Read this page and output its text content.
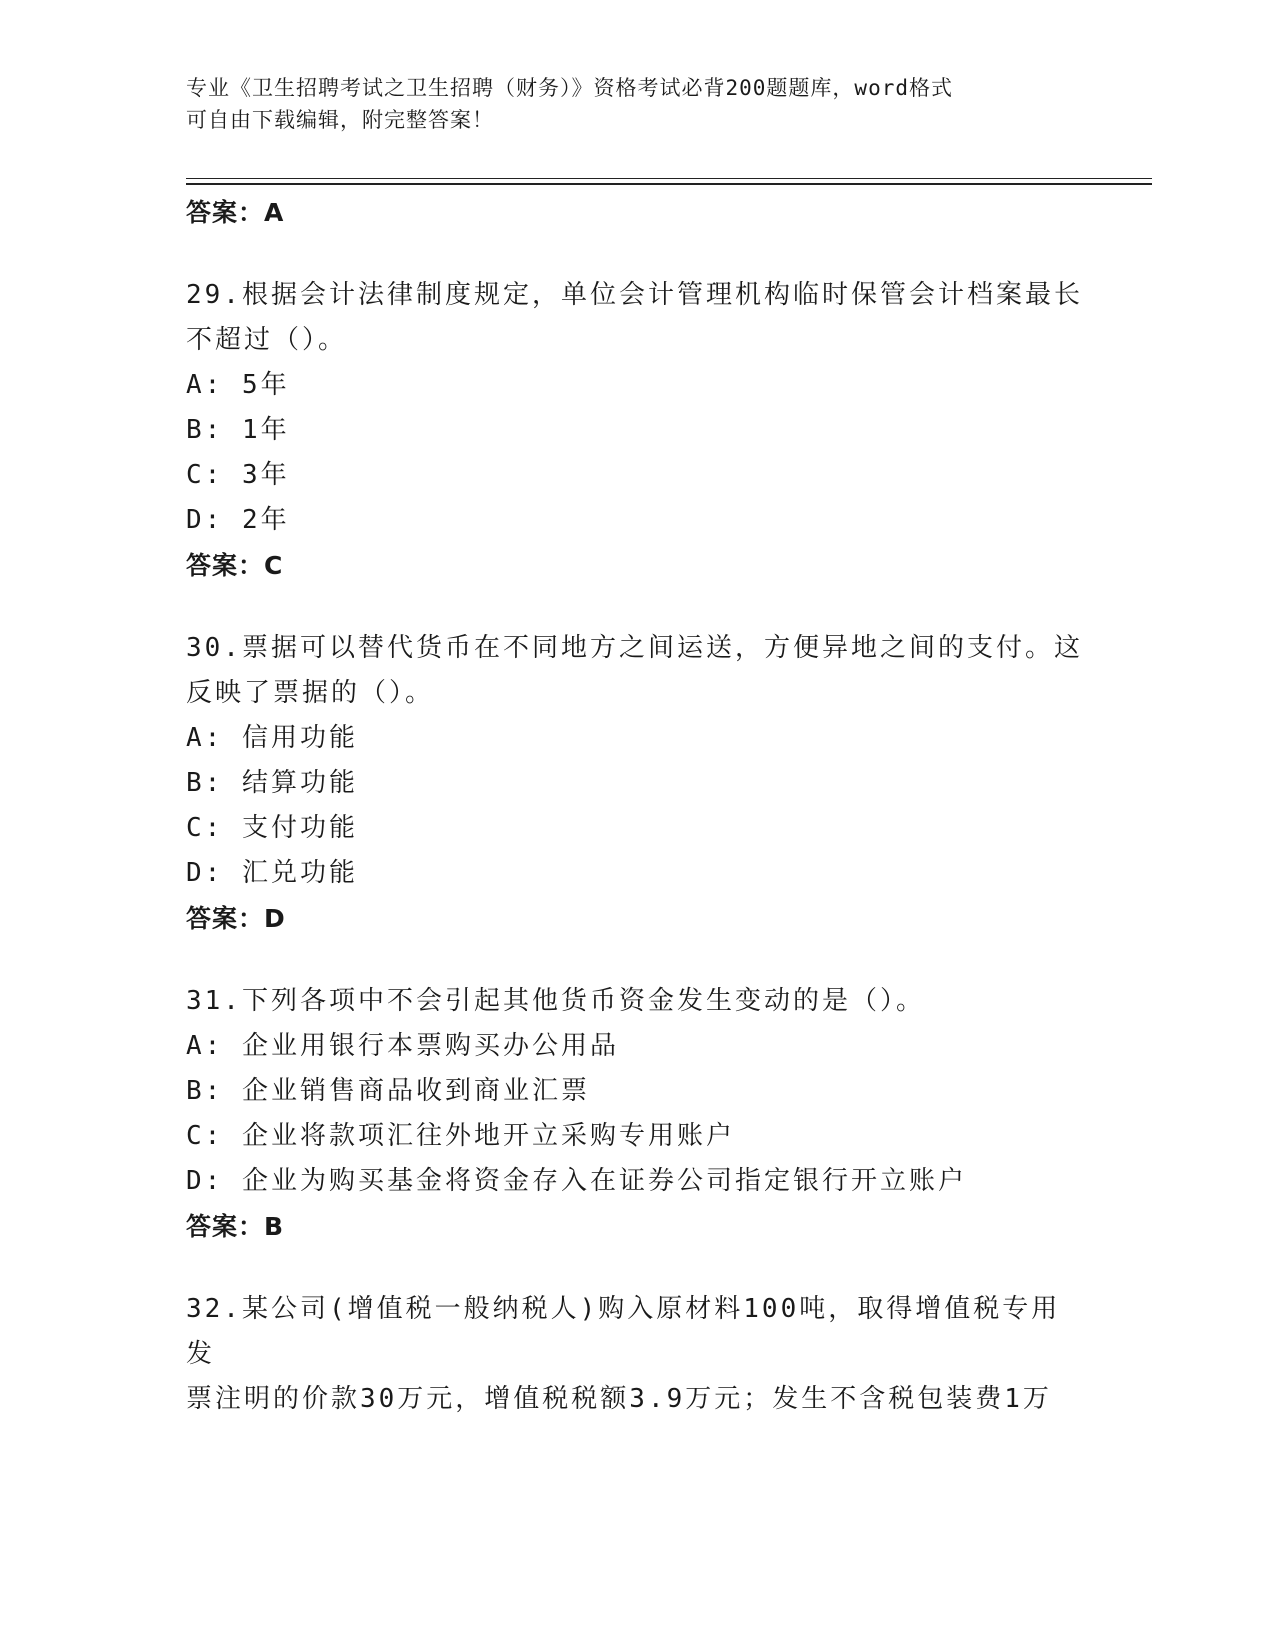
专业《卫生招聘考试之卫生招聘（财务）》资格考试必背200题题库，word格式
可自由下载编辑，附完整答案！
答案：A
29.根据会计法律制度规定，单位会计管理机构临时保管会计档案最长
不超过（）。
A: 5年
B: 1年
C: 3年
D: 2年
答案：C
30.票据可以替代货币在不同地方之间运送，方便异地之间的支付。这
反映了票据的（）。
A: 信用功能
B: 结算功能
C: 支付功能
D: 汇兑功能
答案：D
31.下列各项中不会引起其他货币资金发生变动的是（）。
A: 企业用银行本票购买办公用品
B: 企业销售商品收到商业汇票
C: 企业将款项汇往外地开立采购专用账户
D: 企业为购买基金将资金存入在证券公司指定银行开立账户
答案：B
32.某公司(增值税一般纳税人)购入原材料100吨，取得增值税专用发
票注明的价款30万元，增值税税额3.9万元；发生不含税包装费1万
